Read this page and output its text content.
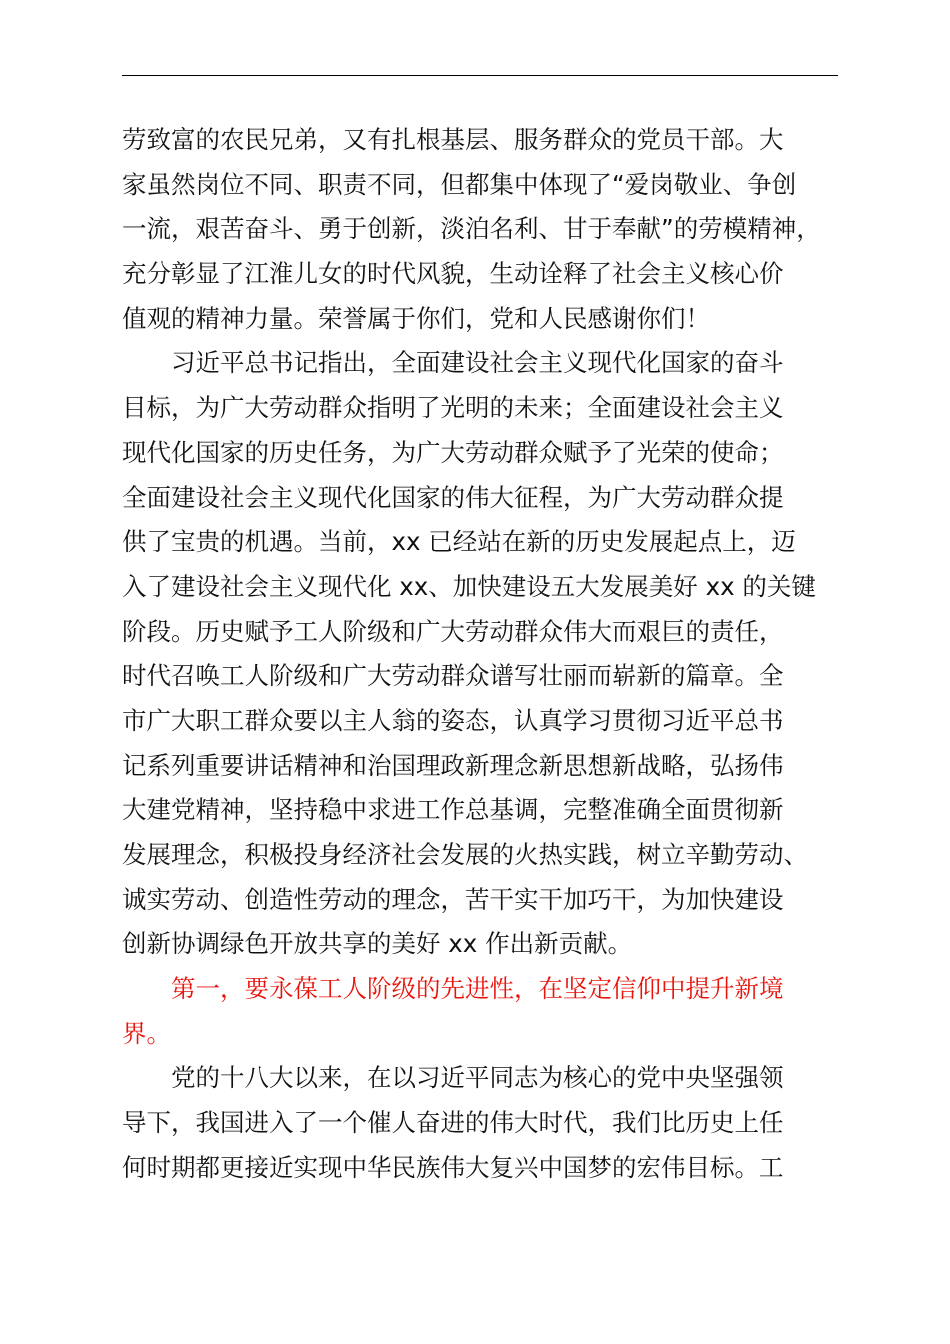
劳致富的农民兄弟，又有扎根基层、服务群众的党员干部。大
家虽然岗位不同、职责不同，但都集中体现了“爱岗敬业、争创
一流，艰苦奋斗、勇于创新，淡泊名利、甘于奉献”的劳模精神，
充分彰显了江淮儿女的时代风貌，生动诠释了社会主义核心价
值观的精神力量。荣誉属于你们，党和人民感谢你们！
习近平总书记指出，全面建设社会主义现代化国家的奋斗
目标，为广大劳动群众指明了光明的未来；全面建设社会主义
现代化国家的历史任务，为广大劳动群众赋予了光荣的使命；
全面建设社会主义现代化国家的伟大征程，为广大劳动群众提
供了宝贵的机遇。当前，xx 已经站在新的历史发展起点上，迈
入了建设社会主义现代化 xx、加快建设五大发展美好 xx 的关键
阶段。历史赋予工人阶级和广大劳动群众伟大而艰巨的责任，
时代召唤工人阶级和广大劳动群众谱写壮丽而崭新的篇章。全
市广大职工群众要以主人翁的姿态，认真学习贯彻习近平总书
记系列重要讲话精神和治国理政新理念新思想新战略，弘扬伟
大建党精神，坚持稳中求进工作总基调，完整准确全面贯彻新
发展理念，积极投身经济社会发展的火热实践，树立辛勤劳动、
诚实劳动、创造性劳动的理念，苦干实干加巧干，为加快建设
创新协调绿色开放共享的美好 xx 作出新贡献。
第一，要永葆工人阶级的先进性，在坚定信仰中提升新境
界。
党的十八大以来，在以习近平同志为核心的党中央坚强领
导下，我国进入了一个催人奋进的伟大时代，我们比历史上任
何时期都更接近实现中华民族伟大复兴中国梦的宏伟目标。工
